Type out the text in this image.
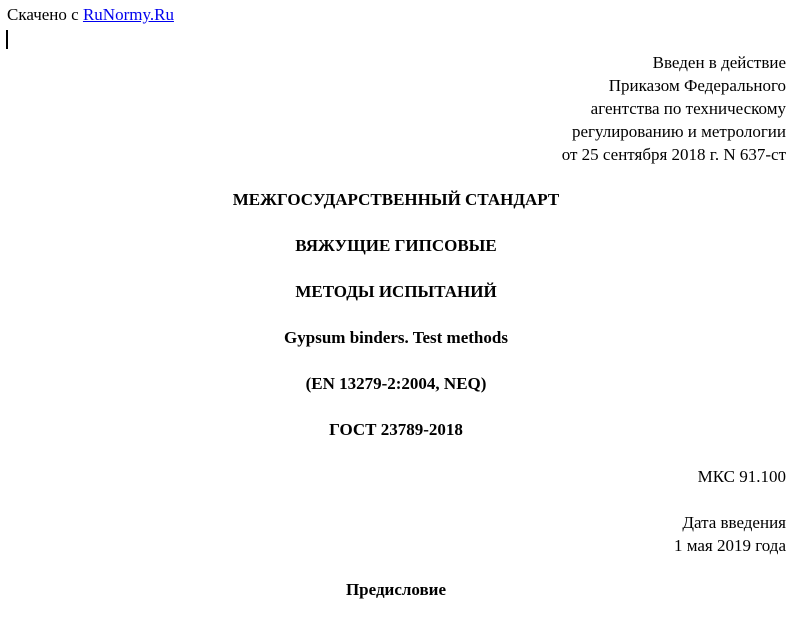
Скачено с RuNormy.Ru
Введен в действие
Приказом Федерального
агентства по техническому
регулированию и метрологии
от 25 сентября 2018 г. N 637-ст
МЕЖГОСУДАРСТВЕННЫЙ СТАНДАРТ
ВЯЖУЩИЕ ГИПСОВЫЕ
МЕТОДЫ ИСПЫТАНИЙ
Gypsum binders. Test methods
(EN 13279-2:2004, NEQ)
ГОСТ 23789-2018
МКС 91.100
Дата введения
1 мая 2019 года
Предисловие
